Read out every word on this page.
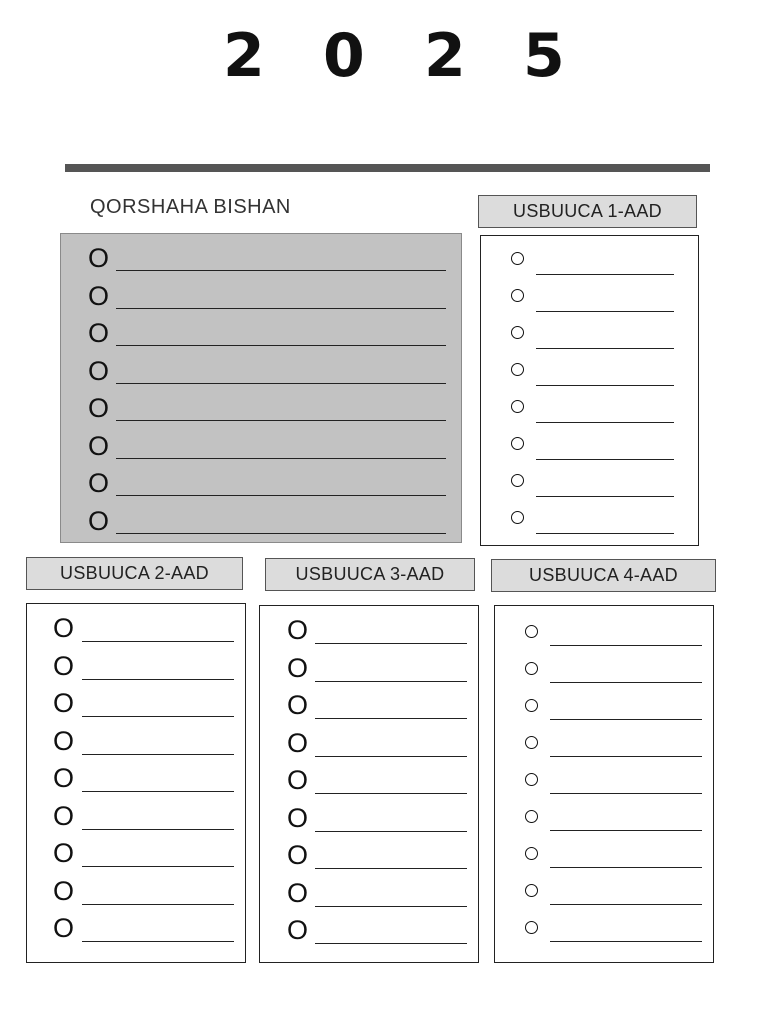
2 0 2 5
QORSHAHA BISHAN	USBUUCA 1-AAD
USBUUCA 2-AAD	USBUUCA 3-AAD	USBUUCA 4-AAD
O
O
O
O
O
O
O
O
O
O
O
O
O
O
O
O
O
O
O
O
O
O
O
O
O
O
